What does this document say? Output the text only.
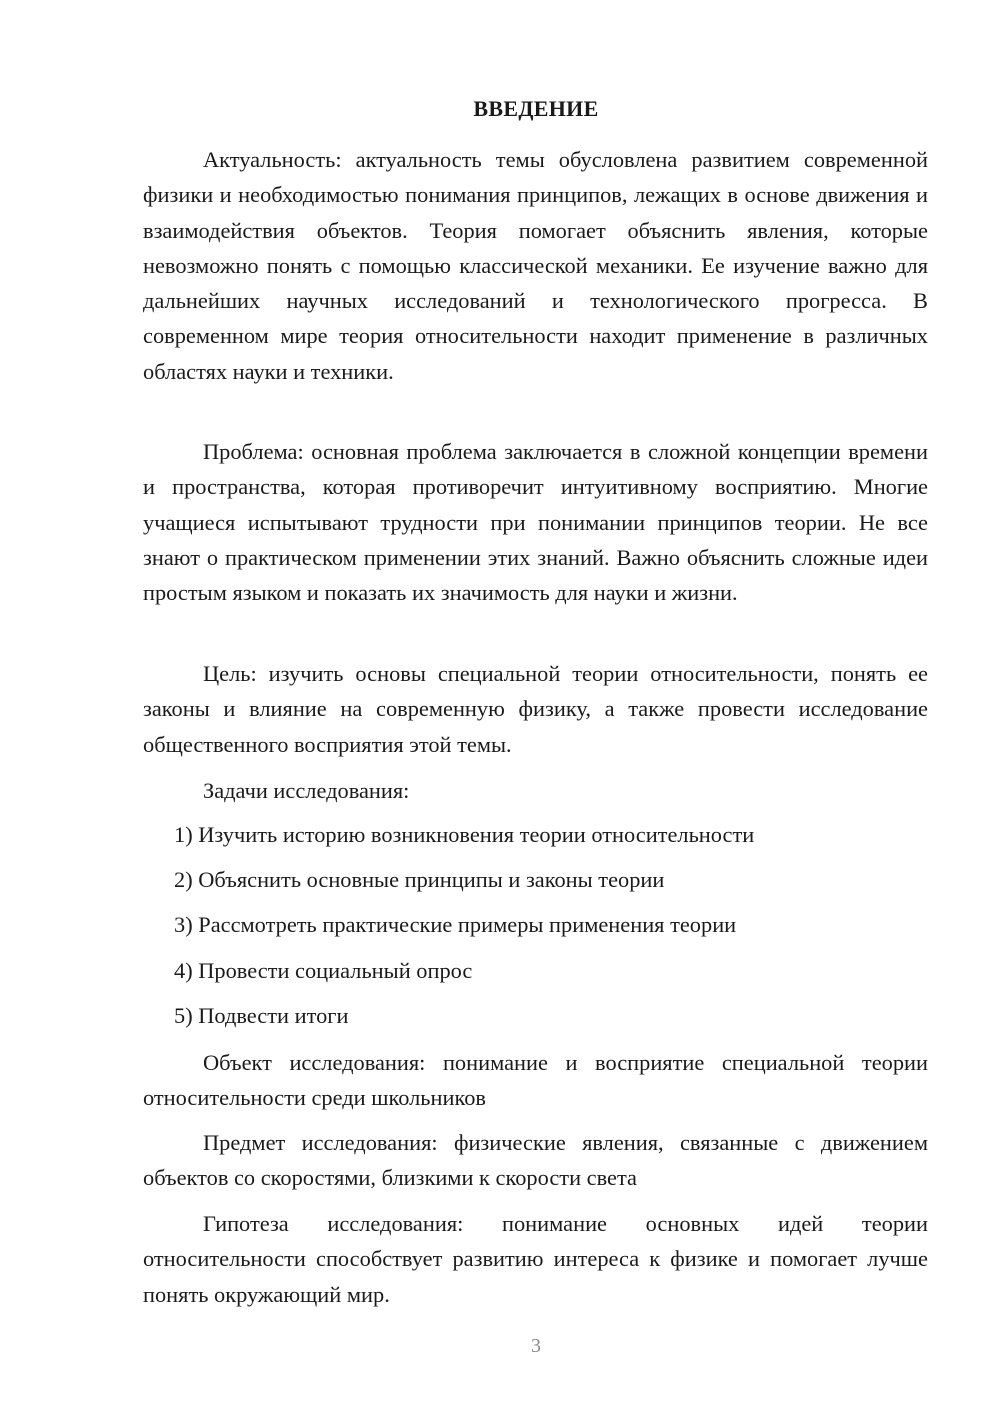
ВВЕДЕНИЕ

Актуальность: актуальность темы обусловлена развитием современной физики и необходимостью понимания принципов, лежащих в основе движения и взаимодействия объектов. Теория помогает объяснить явления, которые невозможно понять с помощью классической механики. Ее изучение важно для дальнейших научных исследований и технологического прогресса. В современном мире теория относительности находит применение в различных областях науки и техники.

Проблема: основная проблема заключается в сложной концепции времени и пространства, которая противоречит интуитивному восприятию. Многие учащиеся испытывают трудности при понимании принципов теории. Не все знают о практическом применении этих знаний. Важно объяснить сложные идеи простым языком и показать их значимость для науки и жизни.

Цель: изучить основы специальной теории относительности, понять ее законы и влияние на современную физику, а также провести исследование общественного восприятия этой темы.

Задачи исследования:

1) Изучить историю возникновения теории относительности
2) Объяснить основные принципы и законы теории
3) Рассмотреть практические примеры применения теории
4) Провести социальный опрос
5) Подвести итоги

Объект исследования: понимание и восприятие специальной теории относительности среди школьников

Предмет исследования: физические явления, связанные с движением объектов со скоростями, близкими к скорости света

Гипотеза исследования: понимание основных идей теории относительности способствует развитию интереса к физике и помогает лучше понять окружающий мир.

3
